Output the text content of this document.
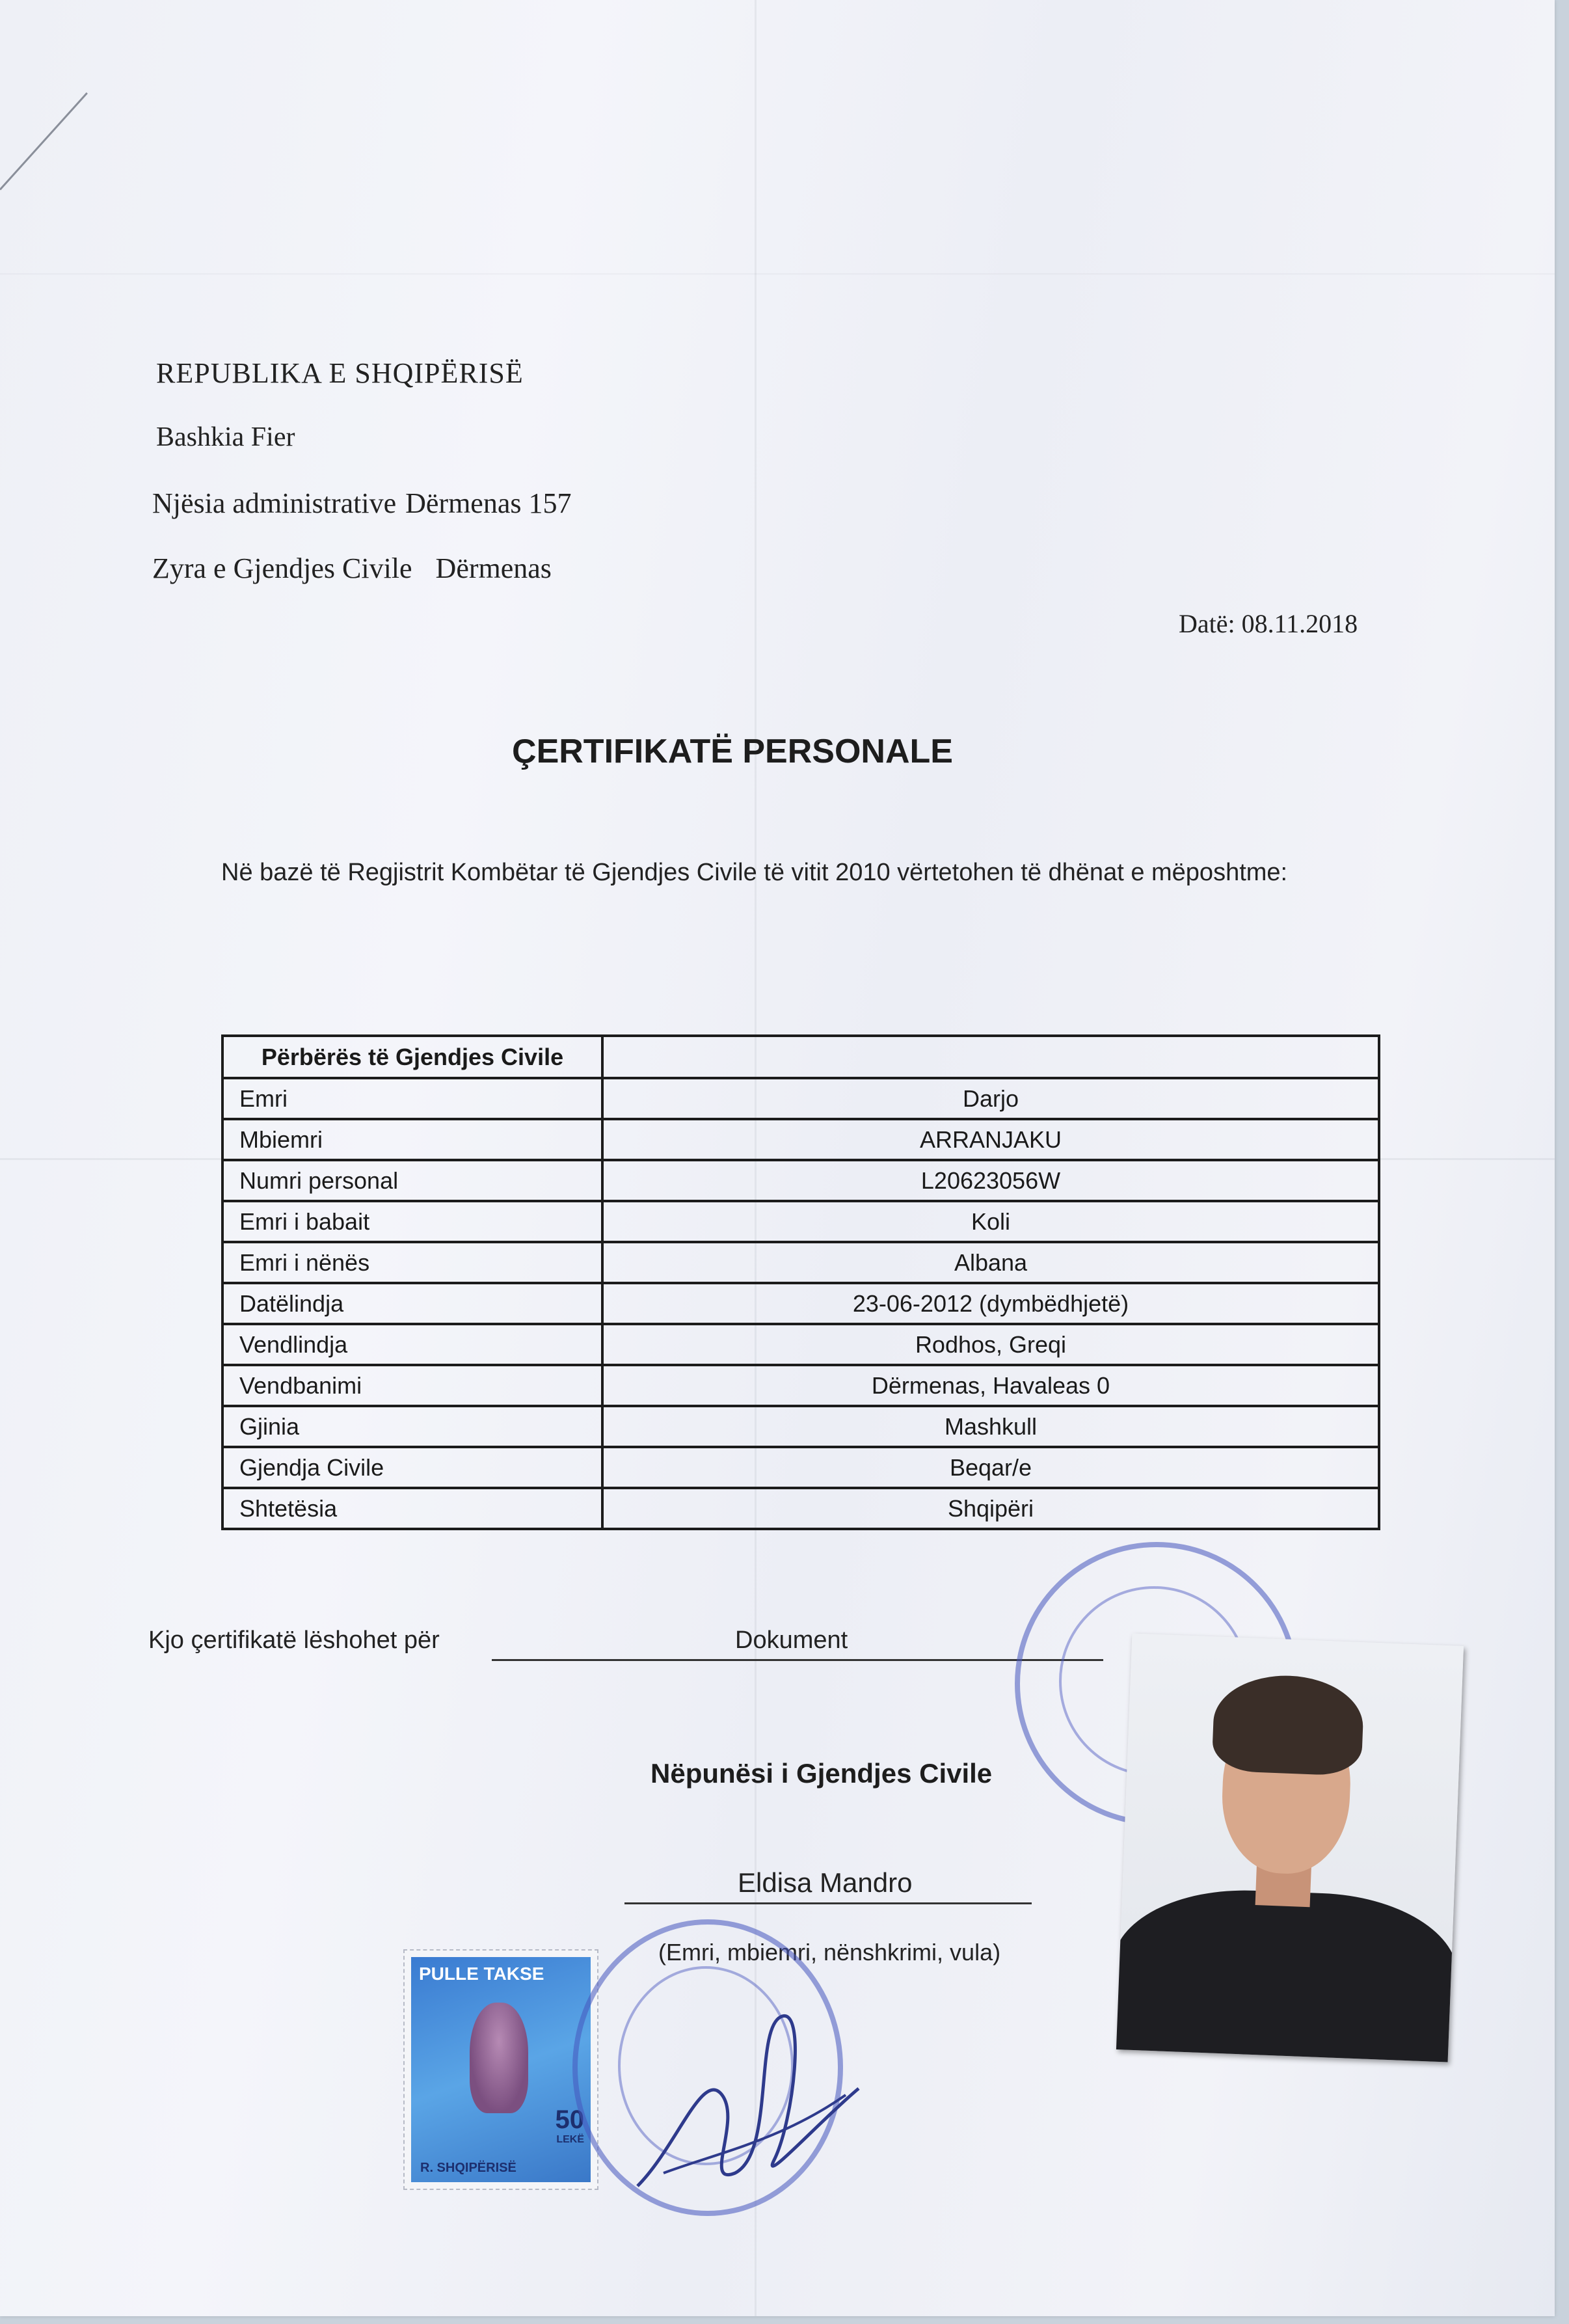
REPUBLIKA E SHQIPËRISË
Bashkia Fier
Njësia administrative Dërmenas 157
Zyra e Gjendjes Civile Dërmenas
Datë: 08.11.2018
ÇERTIFIKATË PERSONALE
Në bazë të Regjistrit Kombëtar të Gjendjes Civile të vitit 2010 vërtetohen të dhënat e mëposhtme:
Përbërës të Gjendjes Civile	
Emri	Darjo
Mbiemri	ARRANJAKU
Numri personal	L20623056W
Emri i babait	Koli
Emri i nënës	Albana
Datëlindja	23-06-2012 (dymbëdhjetë)
Vendlindja	Rodhos, Greqi
Vendbanimi	Dërmenas, Havaleas 0
Gjinia	Mashkull
Gjendja Civile	Beqar/e
Shtetësia	Shqipëri
Kjo çertifikatë lëshohet për	Dokument
Nëpunësi i Gjendjes Civile
Eldisa Mandro
(Emri, mbiemri, nënshkrimi, vula)
PULLE TAKSE
50
LEKË
R. SHQIPËRISË
